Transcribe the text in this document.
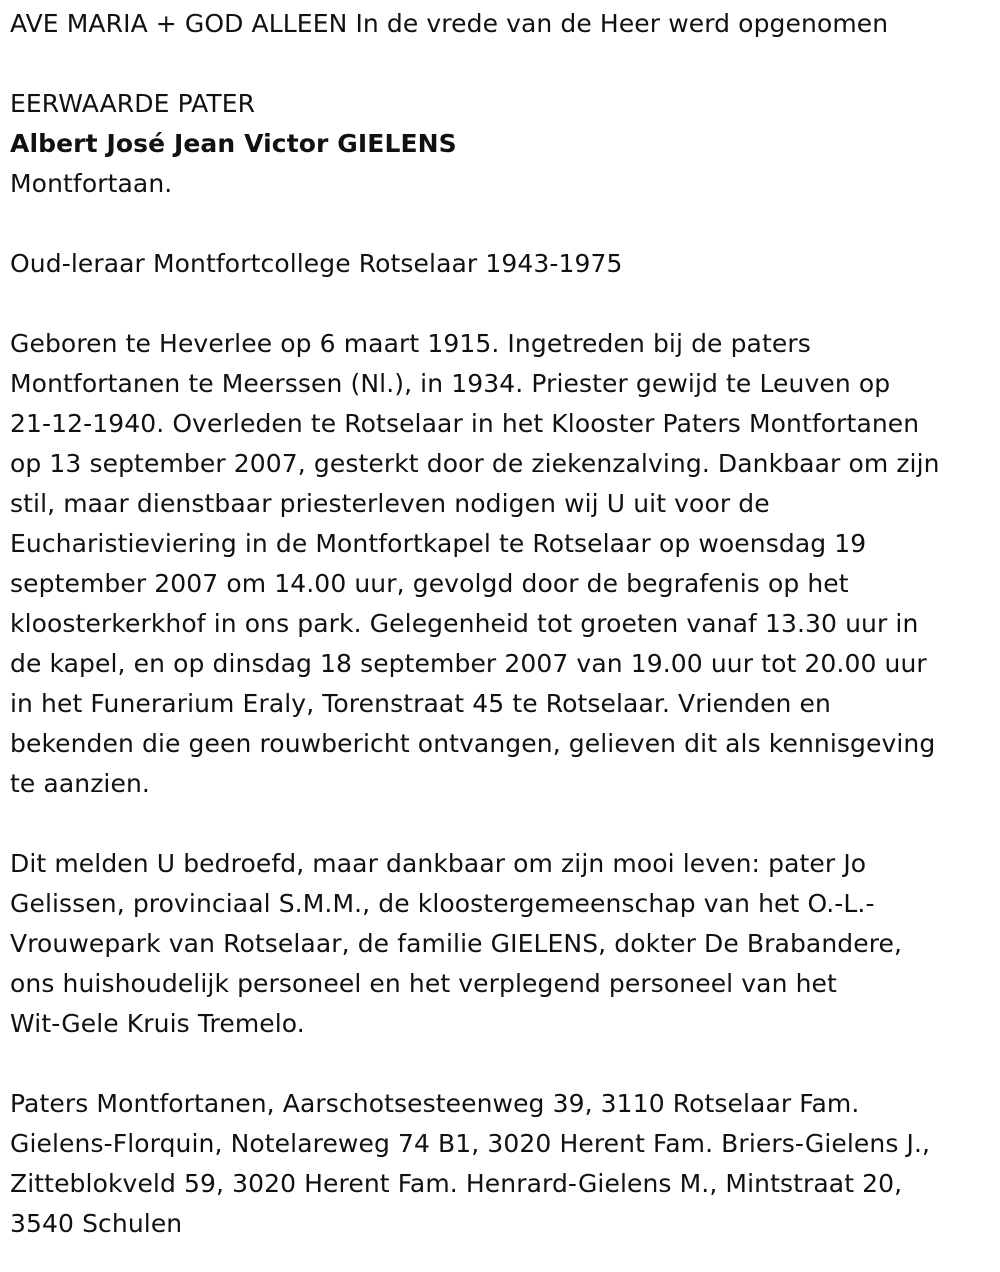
AVE MARIA + GOD ALLEEN In de vrede van de Heer werd opgenomen

EERWAARDE PATER

Albert José Jean Victor GIELENS

Montfortaan.

Oud-leraar Montfortcollege Rotselaar 1943-1975

Geboren te Heverlee op 6 maart 1915. Ingetreden bij de paters

Montfortanen te Meerssen (Nl.), in 1934. Priester gewijd te Leuven op

21-12-1940. Overleden te Rotselaar in het Klooster Paters Montfortanen

op 13 september 2007, gesterkt door de ziekenzalving. Dankbaar om zijn

stil, maar dienstbaar priesterleven nodigen wij U uit voor de

Eucharistieviering in de Montfortkapel te Rotselaar op woensdag 19

september 2007 om 14.00 uur, gevolgd door de begrafenis op het

kloosterkerkhof in ons park. Gelegenheid tot groeten vanaf 13.30 uur in

de kapel, en op dinsdag 18 september 2007 van 19.00 uur tot 20.00 uur

in het Funerarium Eraly, Torenstraat 45 te Rotselaar. Vrienden en

bekenden die geen rouwbericht ontvangen, gelieven dit als kennisgeving

te aanzien.

Dit melden U bedroefd, maar dankbaar om zijn mooi leven: pater Jo

Gelissen, provinciaal S.M.M., de kloostergemeenschap van het O.-L.-

Vrouwepark van Rotselaar, de familie GIELENS, dokter De Brabandere,

ons huishoudelijk personeel en het verplegend personeel van het

Wit-Gele Kruis Tremelo.

Paters Montfortanen, Aarschotsesteenweg 39, 3110 Rotselaar Fam.

Gielens-Florquin, Notelareweg 74 B1, 3020 Herent Fam. Briers-Gielens J.,

Zitteblokveld 59, 3020 Herent Fam. Henrard-Gielens M., Mintstraat 20,

3540 Schulen
